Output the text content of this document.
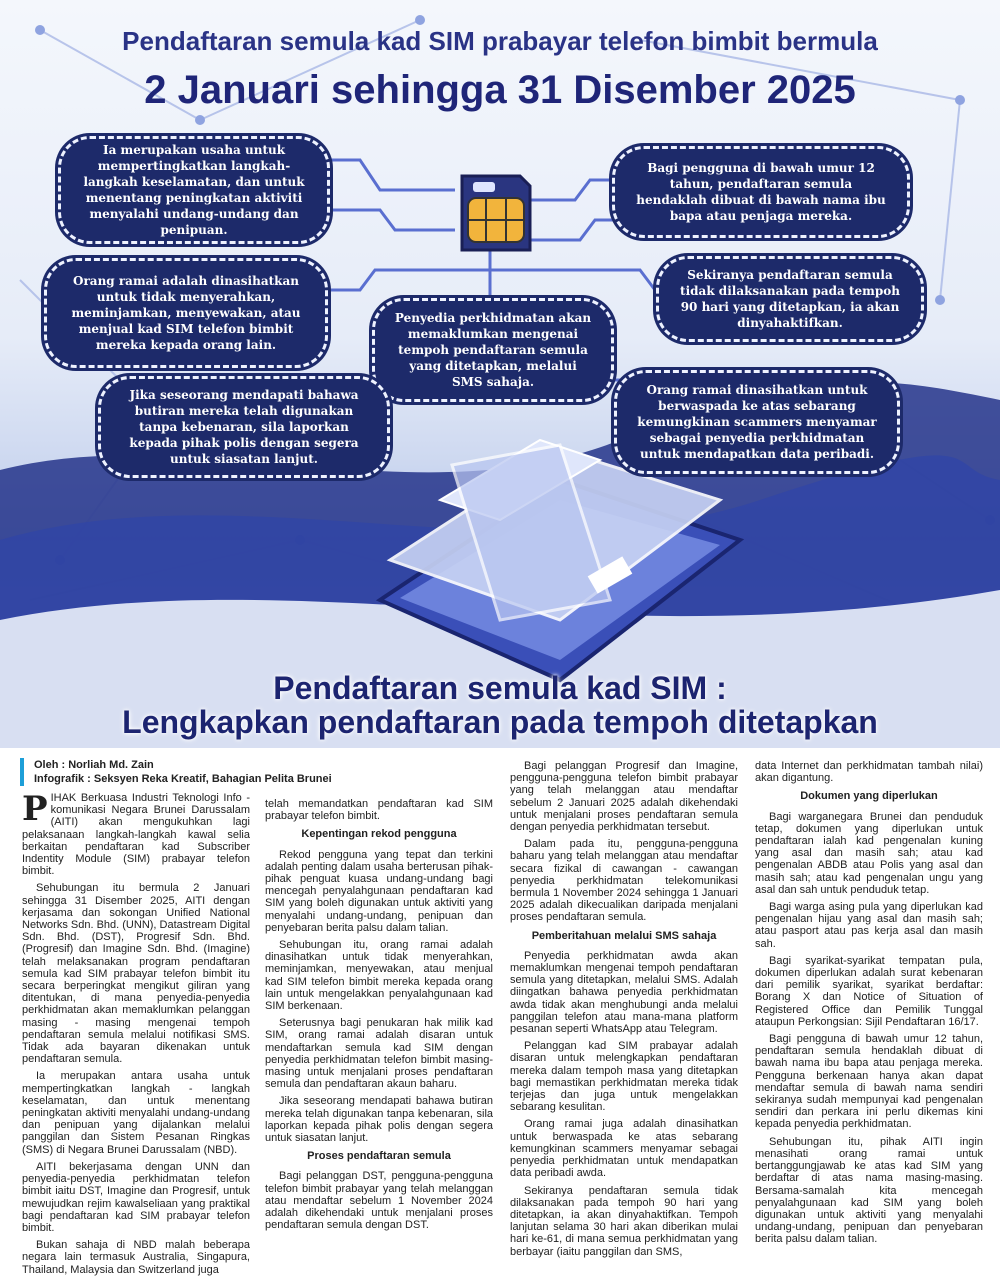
Pendaftaran semula kad SIM prabayar telefon bimbit bermula
2 Januari sehingga 31 Disember 2025
Ia merupakan usaha untuk mempertingkatkan langkah-langkah keselamatan, dan untuk menentang peningkatan aktiviti menyalahi undang-undang dan penipuan.
Bagi pengguna di bawah umur 12 tahun, pendaftaran semula hendaklah dibuat di bawah nama ibu bapa atau penjaga mereka.
Orang ramai adalah dinasihatkan untuk tidak menyerahkan, meminjamkan, menyewakan, atau menjual kad SIM telefon bimbit mereka kepada orang lain.
Sekiranya pendaftaran semula tidak dilaksanakan pada tempoh 90 hari yang ditetapkan, ia akan dinyahaktifkan.
Penyedia perkhidmatan akan memaklumkan mengenai tempoh pendaftaran semula yang ditetapkan, melalui SMS sahaja.
Jika seseorang mendapati bahawa butiran mereka telah digunakan tanpa kebenaran, sila laporkan kepada pihak polis dengan segera untuk siasatan lanjut.
Orang ramai dinasihatkan untuk berwaspada ke atas sebarang kemungkinan scammers menyamar sebagai penyedia perkhidmatan untuk mendapatkan data peribadi.
Pendaftaran semula kad SIM :
Lengkapkan pendaftaran pada tempoh ditetapkan
Oleh : Norliah Md. Zain
Infografik : Seksyen Reka Kreatif, Bahagian Pelita Brunei

PIHAK Berkuasa Industri Teknologi Info - komunikasi Negara Brunei Darussalam (AITI) akan mengukuhkan lagi pelaksanaan langkah-langkah kawal selia berkaitan pendaftaran kad Subscriber Indentity Module (SIM) prabayar telefon bimbit.

Sehubungan itu bermula 2 Januari sehingga 31 Disember 2025, AITI dengan kerjasama dan sokongan Unified National Networks Sdn. Bhd. (UNN), Datastream Digital Sdn. Bhd. (DST), Progresif Sdn. Bhd. (Progresif) dan Imagine Sdn. Bhd. (Imagine) telah melaksanakan program pendaftaran semula kad SIM prabayar telefon bimbit itu secara berperingkat mengikut giliran yang ditentukan, di mana penyedia-penyedia perkhidmatan akan memaklumkan pelanggan masing - masing mengenai tempoh pendaftaran semula melalui notifikasi SMS. Tidak ada bayaran dikenakan untuk pendaftaran semula.

Ia merupakan antara usaha untuk mempertingkatkan langkah - langkah keselamatan, dan untuk menentang peningkatan aktiviti menyalahi undang-undang dan penipuan yang dijalankan melalui panggilan dan Sistem Pesanan Ringkas (SMS) di Negara Brunei Darussalam (NBD).

AITI bekerjasama dengan UNN dan penyedia-penyedia perkhidmatan telefon bimbit iaitu DST, Imagine dan Progresif, untuk mewujudkan rejim kawalseliaan yang praktikal bagi pendaftaran kad SIM prabayar telefon bimbit.

Bukan sahaja di NBD malah beberapa negara lain termasuk Australia, Singapura, Thailand, Malaysia dan Switzerland juga

telah memandatkan pendaftaran kad SIM prabayar telefon bimbit.

Kepentingan rekod pengguna

Rekod pengguna yang tepat dan terkini adalah penting dalam usaha berterusan pihak-pihak penguat kuasa undang-undang bagi mencegah penyalahgunaan pendaftaran kad SIM yang boleh digunakan untuk aktiviti yang menyalahi undang-undang, penipuan dan penyebaran berita palsu dalam talian.

Sehubungan itu, orang ramai adalah dinasihatkan untuk tidak menyerahkan, meminjamkan, menyewakan, atau menjual kad SIM telefon bimbit mereka kepada orang lain untuk mengelakkan penyalahgunaan kad SIM berkenaan.

Seterusnya bagi penukaran hak milik kad SIM, orang ramai adalah disaran untuk mendaftarkan semula kad SIM dengan penyedia perkhidmatan telefon bimbit masing-masing untuk menjalani proses pendaftaran semula dan pendaftaran akaun baharu.

Jika seseorang mendapati bahawa butiran mereka telah digunakan tanpa kebenaran, sila laporkan kepada pihak polis dengan segera untuk siasatan lanjut.

Proses pendaftaran semula

Bagi pelanggan DST, pengguna-pengguna telefon bimbit prabayar yang telah melanggan atau mendaftar sebelum 1 November 2024 adalah dikehendaki untuk menjalani proses pendaftaran semula dengan DST.

Bagi pelanggan Progresif dan Imagine, pengguna-pengguna telefon bimbit prabayar yang telah melanggan atau mendaftar sebelum 2 Januari 2025 adalah dikehendaki untuk menjalani proses pendaftaran semula dengan penyedia perkhidmatan tersebut.

Dalam pada itu, pengguna-pengguna baharu yang telah melanggan atau mendaftar secara fizikal di cawangan - cawangan penyedia perkhidmatan telekomunikasi bermula 1 November 2024 sehingga 1 Januari 2025 adalah dikecualikan daripada menjalani proses pendaftaran semula.

Pemberitahuan melalui SMS sahaja

Penyedia perkhidmatan awda akan memaklumkan mengenai tempoh pendaftaran semula yang ditetapkan, melalui SMS. Adalah diingatkan bahawa penyedia perkhidmatan awda tidak akan menghubungi anda melalui panggilan telefon atau mana-mana platform pesanan seperti WhatsApp atau Telegram.

Pelanggan kad SIM prabayar adalah disaran untuk melengkapkan pendaftaran mereka dalam tempoh masa yang ditetapkan bagi memastikan perkhidmatan mereka tidak terjejas dan juga untuk mengelakkan sebarang kesulitan.

Orang ramai juga adalah dinasihatkan untuk berwaspada ke atas sebarang kemungkinan scammers menyamar sebagai penyedia perkhidmatan untuk mendapatkan data peribadi awda.

Sekiranya pendaftaran semula tidak dilaksanakan pada tempoh 90 hari yang ditetapkan, ia akan dinyahaktifkan. Tempoh lanjutan selama 30 hari akan diberikan mulai hari ke-61, di mana semua perkhidmatan yang berbayar (iaitu panggilan dan SMS,

data Internet dan perkhidmatan tambah nilai) akan digantung.

Dokumen yang diperlukan

Bagi warganegara Brunei dan penduduk tetap, dokumen yang diperlukan untuk pendaftaran ialah kad pengenalan kuning yang asal dan masih sah; atau kad pengenalan ABDB atau Polis yang asal dan masih sah; atau kad pengenalan ungu yang asal dan sah untuk penduduk tetap.

Bagi warga asing pula yang diperlukan kad pengenalan hijau yang asal dan masih sah; atau pasport atau pas kerja asal dan masih sah.

Bagi syarikat-syarikat tempatan pula, dokumen diperlukan adalah surat kebenaran dari pemilik syarikat, syarikat berdaftar: Borang X dan Notice of Situation of Registered Office dan Pemilik Tunggal ataupun Perkongsian: Sijil Pendaftaran 16/17.

Bagi pengguna di bawah umur 12 tahun, pendaftaran semula hendaklah dibuat di bawah nama ibu bapa atau penjaga mereka. Pengguna berkenaan hanya akan dapat mendaftar semula di bawah nama sendiri sekiranya sudah mempunyai kad pengenalan sendiri dan perkara ini perlu dikemas kini kepada penyedia perkhidmatan.

Sehubungan itu, pihak AITI ingin menasihati orang ramai untuk bertanggungjawab ke atas kad SIM yang berdaftar di atas nama masing-masing. Bersama-samalah kita mencegah penyalahgunaan kad SIM yang boleh digunakan untuk aktiviti yang menyalahi undang-undang, penipuan dan penyebaran berita palsu dalam talian.
